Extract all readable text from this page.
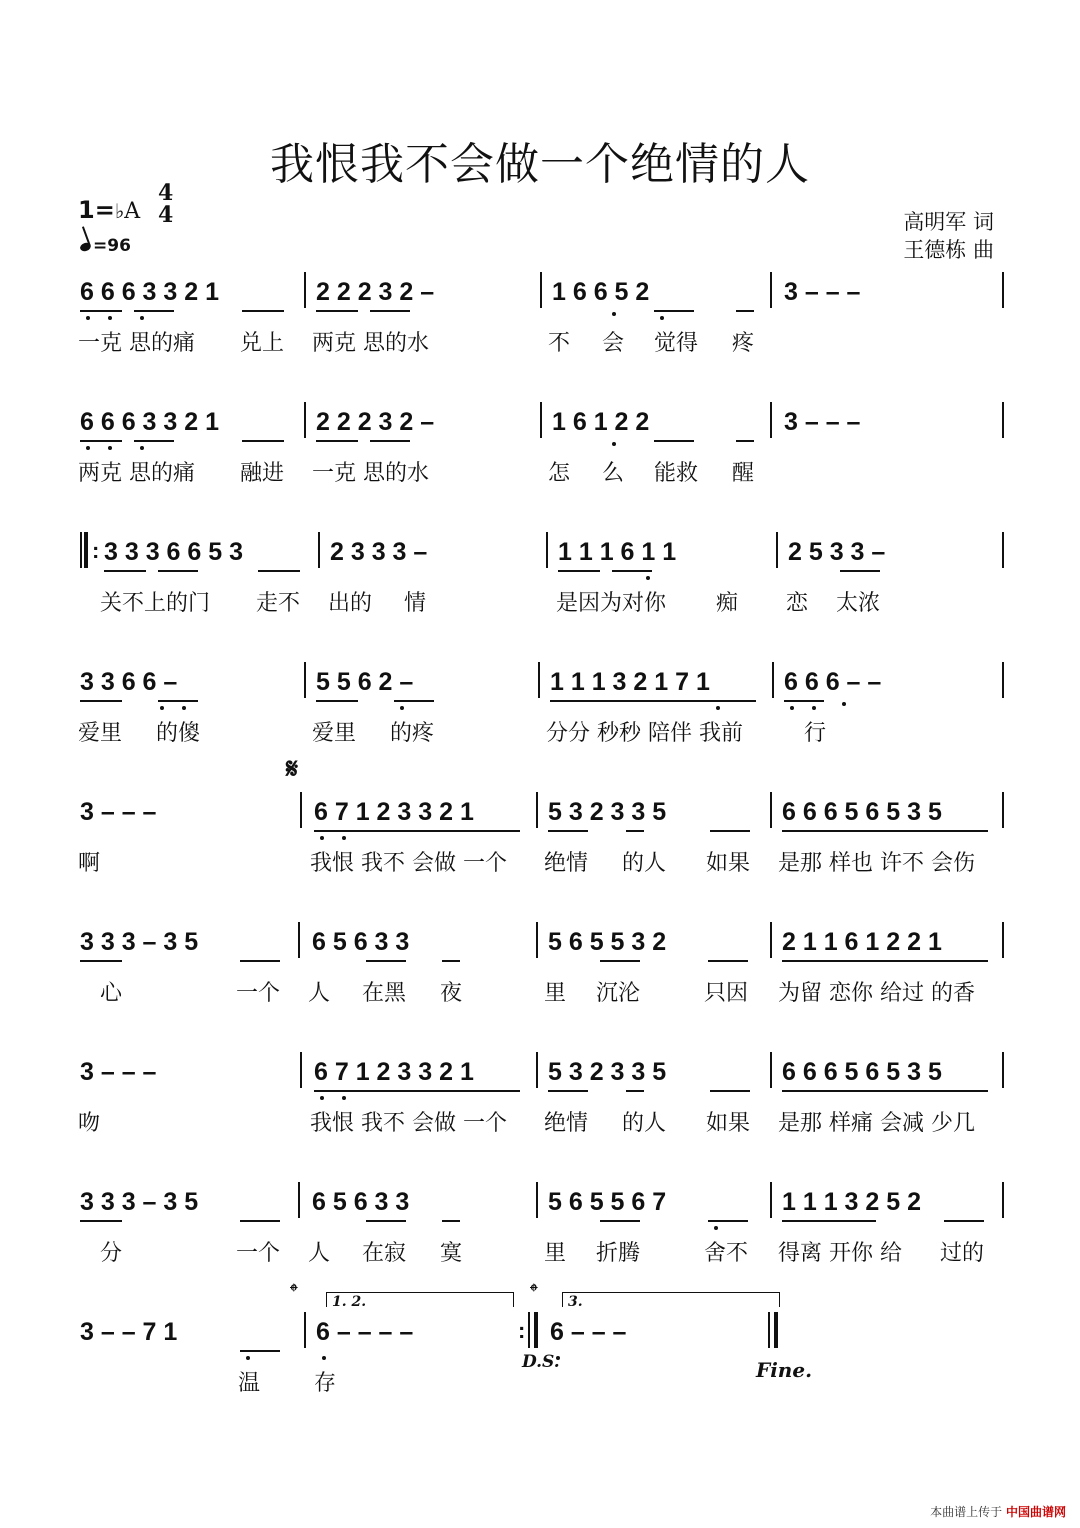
我恨我不会做一个绝情的人
1=♭A
4
4
=96
高明军 词
王德栋 曲
6 6 6 3 3 2 1	2 2 2 3 2 –	1 6 6 5 2	3 – – –
一克 思的痛 兑上 两克 思的水	不 会 觉得 疼
6 6 6 3 3 2 1	2 2 2 3 2 –	1 6 1 2 2	3 – – –
两克 思的痛 融进 一克 思的水	怎 么 能救 醒
: 3 3 3 6 6 5 3	2 3 3 3 –	1 1 1 6 1 1	2 5 3 3 –
关不上的门 走不 出的 情	是因为对你 痴 恋 太浓
3 3 6 6 –	5 5 6 2 –	1 1 1 3 2 1 7 1	6 6 6 – –
爱里 的傻	爱里 的疼	分分 秒秒 陪伴 我前	行
𝄋
3 – – –	6 7 1 2 3 3 2 1	5 3 2 3 3 5	6 6 6 5 6 5 3 5
啊	我恨 我不 会做 一个 绝情 的人 如果 是那 样也 许不 会伤
3 3 3 – 3 5	6 5 6 3 3	5 6 5 5 3 2	2 1 1 6 1 2 2 1
心	一个 人 在黑 夜	里 沉沦	只因 为留 恋你 给过 的香
3 – – –	6 7 1 2 3 3 2 1	5 3 2 3 3 5	6 6 6 5 6 5 3 5
吻	我恨 我不 会做 一个 绝情 的人 如果 是那 样痛 会减 少几
3 3 3 – 3 5	6 5 6 3 3	5 6 5 5 6 7	1 1 1 3 2 5 2
分	一个 人 在寂 寞	里 折腾	舍不 得离 开你 给 过的
𝄌 1. 2.	𝄌 3.
3 – – 7 1	6 – – – –	: 6 – – –
温 存
D.S.	Fine.
本曲谱上传于 中国曲谱网
